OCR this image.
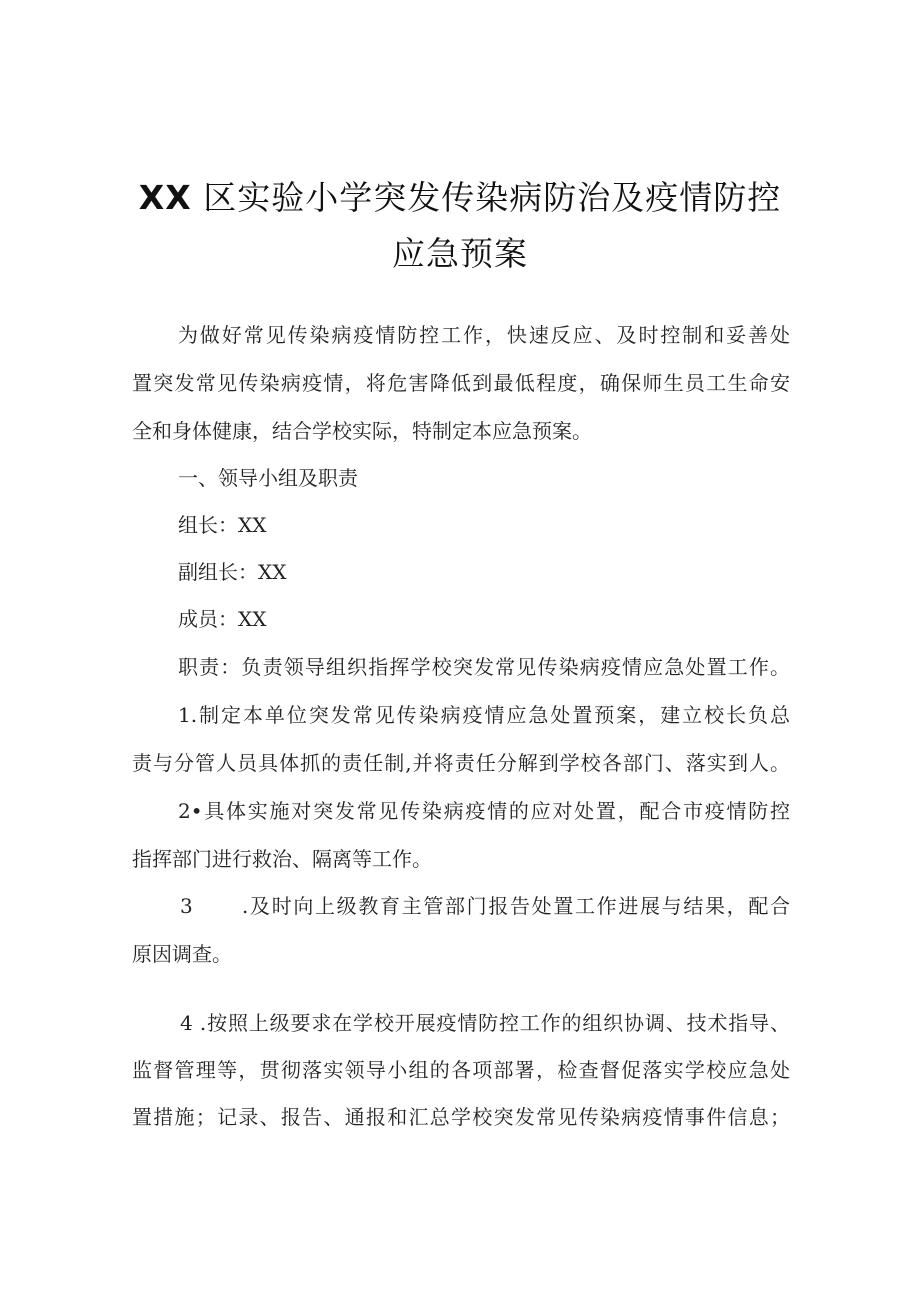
XX 区实验小学突发传染病防治及疫情防控
应急预案
为做好常见传染病疫情防控工作，快速反应、及时控制和妥善处
置突发常见传染病疫情，将危害降低到最低程度，确保师生员工生命安
全和身体健康，结合学校实际，特制定本应急预案。
一、领导小组及职责
组长：XX
副组长：XX
成员：XX
职责：负责领导组织指挥学校突发常见传染病疫情应急处置工作。
1.制定本单位突发常见传染病疫情应急处置预案，建立校长负总
责与分管人员具体抓的责任制,并将责任分解到学校各部门、落实到人。
2•具体实施对突发常见传染病疫情的应对处置，配合市疫情防控
指挥部门进行救治、隔离等工作。
3 .及时向上级教育主管部门报告处置工作进展与结果，配合
原因调查。
4 .按照上级要求在学校开展疫情防控工作的组织协调、技术指导、
监督管理等，贯彻落实领导小组的各项部署，检查督促落实学校应急处
置措施；记录、报告、通报和汇总学校突发常见传染病疫情事件信息；
